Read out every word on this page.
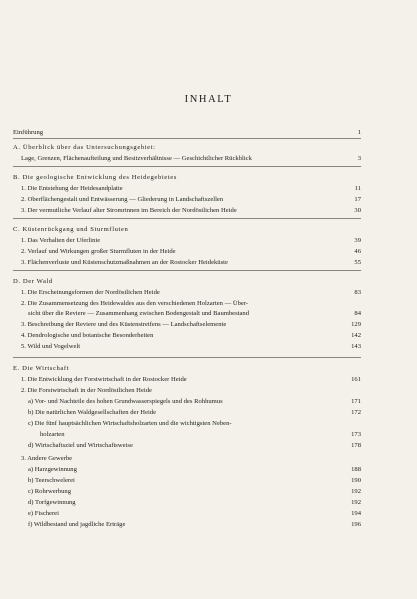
INHALT
Einführung	1
A. Überblick über das Untersuchungsgebiet:
Lage, Grenzen, Flächenaufteilung und Besitzverhältnisse — Geschichtlicher Rückblick	3
B. Die geologische Entwicklung des Heidegebietes
1. Die Entstehung der Heidesandplatte	11
2. Oberflächengestalt und Entwässerung — Gliederung in Landschaftszellen	17
3. Der vermutliche Verlauf alter Stromrinnen im Bereich der Nordöstlichen Heide	30
C. Küstenrückgang und Sturmfluten
1. Das Verhalten der Uferlinie	39
2. Verlauf und Wirkungen großer Sturmfluten in der Heide	46
3. Flächenverluste und Küstenschutzmaßnahmen an der Rostocker Heideküste	55
D. Der Wald
1. Die Erscheinungsformen der Nordöstlichen Heide	83
2. Die Zusammensetzung des Heidewaldes aus den verschiedenen Holzarten — Über-
sicht über die Reviere — Zusammenhang zwischen Bodengestalt und Baumbestand	84
3. Beschreibung der Reviere und des Küstenstreifens — Landschaftselemente	129
4. Dendrologische und botanische Besonderheiten	142
5. Wild und Vogelwelt	143
E. Die Wirtschaft
1. Die Entwicklung der Forstwirtschaft in der Rostocker Heide	161
2. Die Forstwirtschaft in der Nordöstlichen Heide
a) Vor- und Nachteile des hohen Grundwasserspiegels und des Rohhumus	171
b) Die natürlichen Waldgesellschaften der Heide	172
c) Die fünf hauptsächlichen Wirtschaftsholzarten und die wichtigsten Neben-
holzarten	173
d) Wirtschaftsziel und Wirtschaftsweise	178
3. Andere Gewerbe
a) Harzgewinnung	188
b) Teerschwelerei	190
c) Rohrwerbung	192
d) Torfgewinnung	192
e) Fischerei	194
f) Wildbestand und jagdliche Erträge	196
